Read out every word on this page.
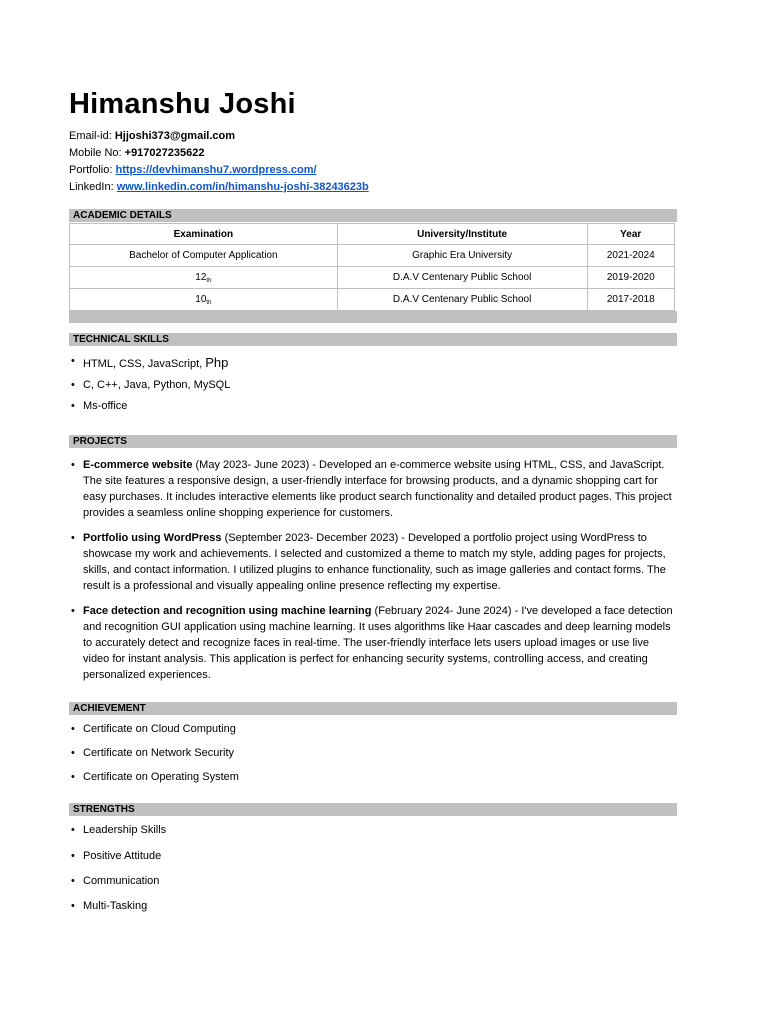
Himanshu Joshi
Email-id: Hjjoshi373@gmail.com
Mobile No: +917027235622
Portfolio: https://devhimanshu7.wordpress.com/
LinkedIn: www.linkedin.com/in/himanshu-joshi-38243623b
ACADEMIC DETAILS
Examination	University/Institute	Year
Bachelor of Computer Application	Graphic Era University	2021-2024
$12_{th}$	D.A.V Centenary Public School	2019-2020
$10_{th}$	D.A.V Centenary Public School	2017-2018
TECHNICAL SKILLS
• HTML, CSS, JavaScript, Php
• C, C++, Java, Python, MySQL
• Ms-office
PROJECTS
• E-commerce website (May 2023- June 2023) - Developed an e-commerce website using HTML, CSS, and JavaScript. The site features a responsive design, a user-friendly interface for browsing products, and a dynamic shopping cart for easy purchases. It includes interactive elements like product search functionality and detailed product pages. This project provides a seamless online shopping experience for customers.
• Portfolio using WordPress (September 2023- December 2023) - Developed a portfolio project using WordPress to showcase my work and achievements. I selected and customized a theme to match my style, adding pages for projects, skills, and contact information. I utilized plugins to enhance functionality, such as image galleries and contact forms. The result is a professional and visually appealing online presence reflecting my expertise.
• Face detection and recognition using machine learning (February 2024- June 2024) - I've developed a face detection and recognition GUI application using machine learning. It uses algorithms like Haar cascades and deep learning models to accurately detect and recognize faces in real-time. The user-friendly interface lets users upload images or use live video for instant analysis. This application is perfect for enhancing security systems, controlling access, and creating personalized experiences.
ACHIEVEMENT
• Certificate on Cloud Computing
• Certificate on Network Security
• Certificate on Operating System
STRENGTHS
• Leadership Skills
• Positive Attitude
• Communication
• Multi-Tasking
